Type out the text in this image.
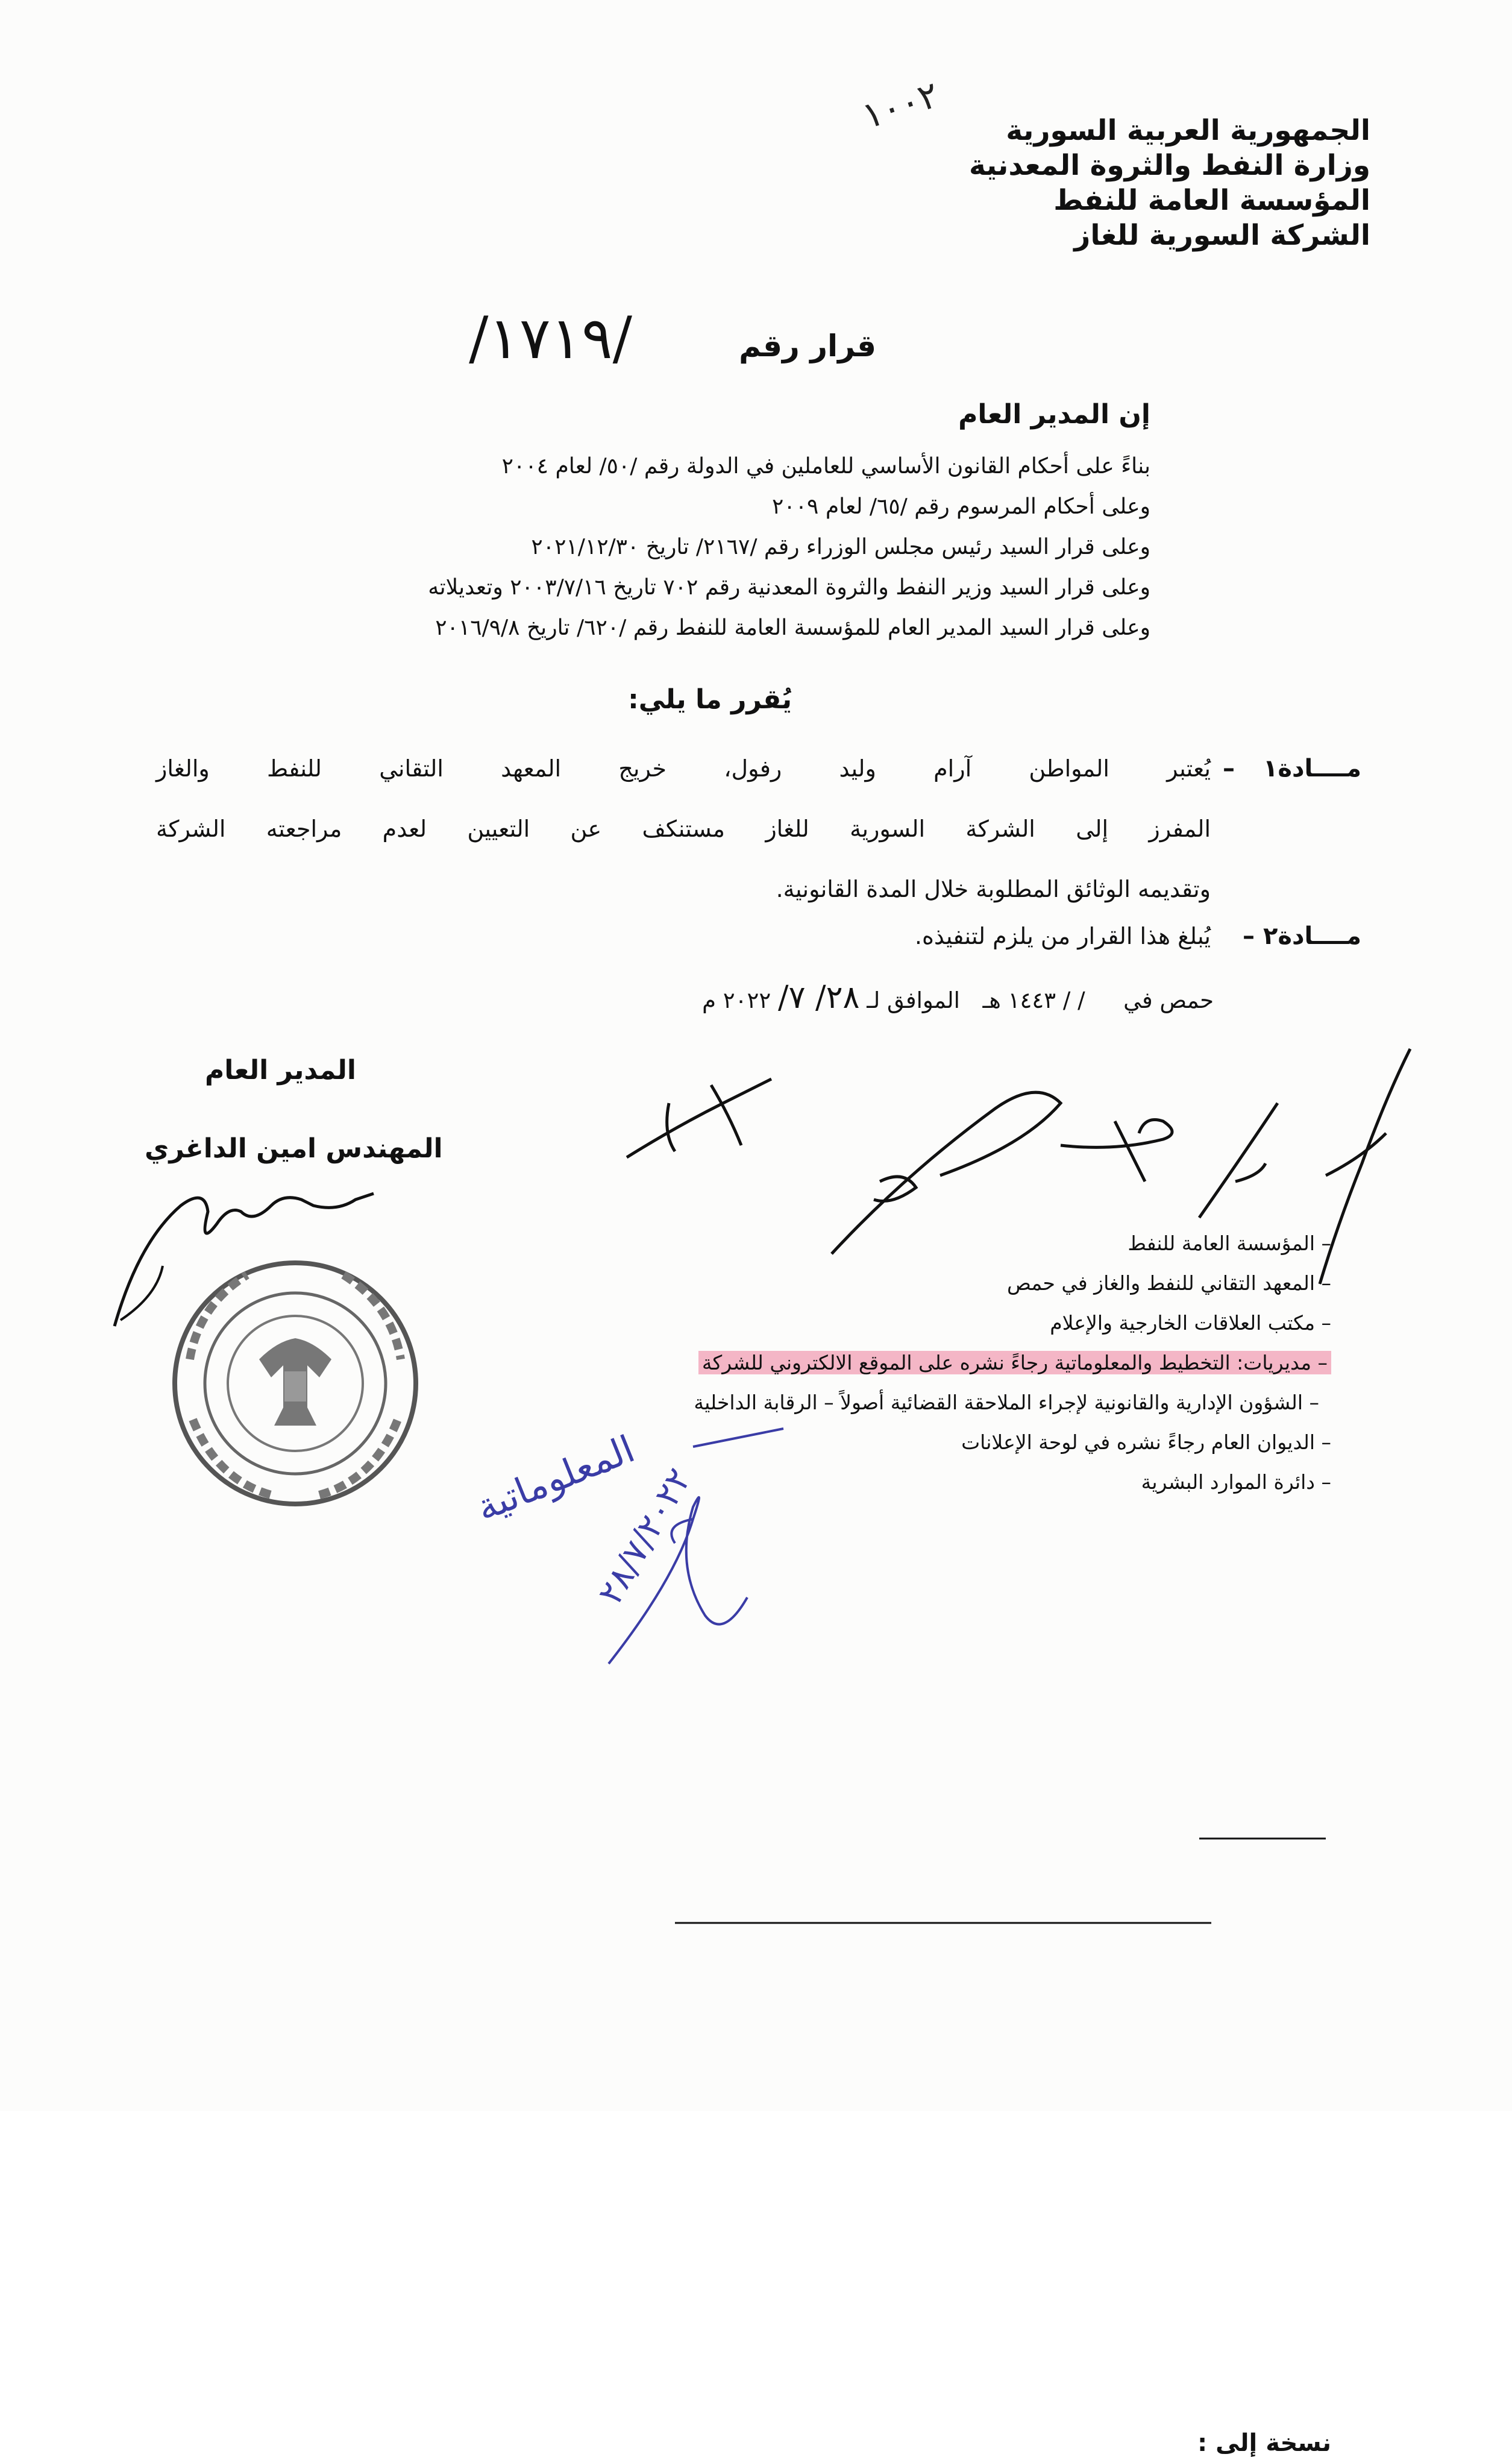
الجمهورية العربية السورية
وزارة النفط والثروة المعدنية
المؤسسة العامة للنفط
الشركة السورية للغاز
١٠٠٢
قرار رقم
/١٧١٩/
إن المدير العام
بناءً على أحكام القانون الأساسي للعاملين في الدولة رقم /٥٠/ لعام ٢٠٠٤
وعلى أحكام المرسوم رقم /٦٥/ لعام ٢٠٠٩
وعلى قرار السيد رئيس مجلس الوزراء رقم /٢١٦٧/ تاريخ ٢٠٢١/١٢/٣٠
وعلى قرار السيد وزير النفط والثروة المعدنية رقم ٧٠٢ تاريخ ٢٠٠٣/٧/١٦ وتعديلاته
وعلى قرار السيد المدير العام للمؤسسة العامة للنفط رقم /٦٢٠/ تاريخ ٢٠١٦/٩/٨
يُقرر ما يلي:
مــــادة١ –يُعتبر المواطن آرام وليد رفول، خريج المعهد التقاني للنفط والغاز
المفرز إلى الشركة السورية للغاز مستنكف عن التعيين لعدم مراجعته الشركة
وتقديمه الوثائق المطلوبة خلال المدة القانونية.
مــــادة٢ –يُبلغ هذا القرار من يلزم لتنفيذه.
حمص في  / / ١٤٤٣ هـ  الموافق لـ ٢٨/ ٧/ ٢٠٢٢ م
المدير العام
المهندس امين الداغري
المعلوماتية
٢٨/٧/٢٠٢٢
نسخة إلى :
– المؤسسة العامة للنفط
– المعهد التقاني للنفط والغاز في حمص
– مكتب العلاقات الخارجية والإعلام
– مديريات: التخطيط والمعلوماتية رجاءً نشره على الموقع الالكتروني للشركة
– الشؤون الإدارية والقانونية لإجراء الملاحقة القضائية أصولاً – الرقابة الداخلية
– الديوان العام رجاءً نشره في لوحة الإعلانات
– دائرة الموارد البشرية
